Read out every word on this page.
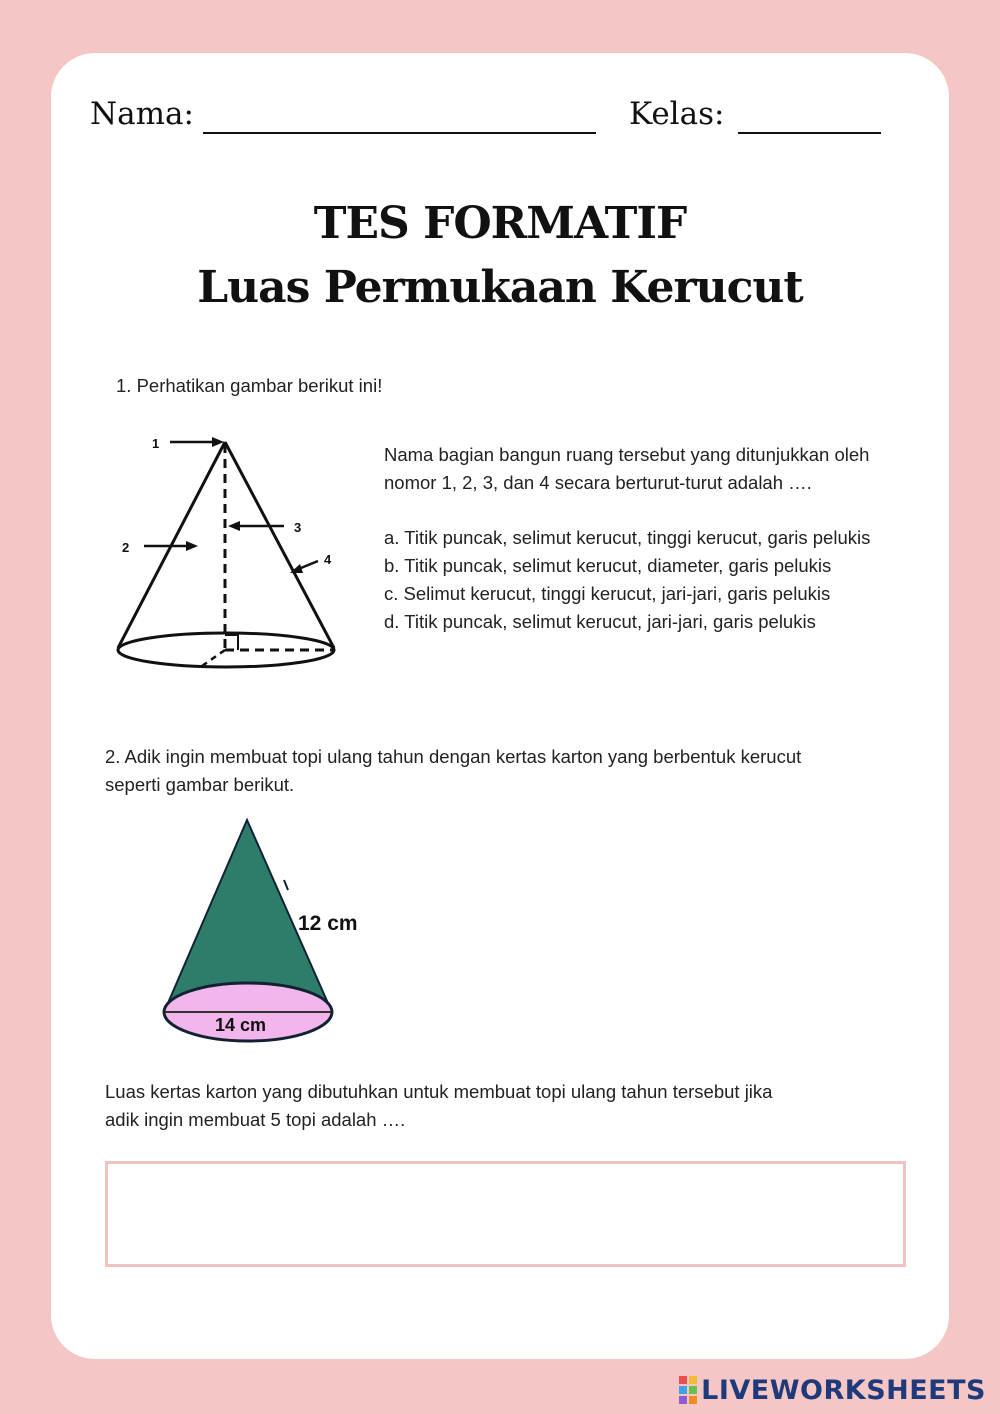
Nama:	Kelas:
TES FORMATIF
Luas Permukaan Kerucut
1. Perhatikan gambar berikut ini!
1
2
3
4
Nama bagian bangun ruang tersebut yang ditunjukkan oleh
nomor 1, 2, 3, dan 4 secara berturut-turut adalah ….
a. Titik puncak, selimut kerucut, tinggi kerucut, garis pelukis
b. Titik puncak, selimut kerucut, diameter, garis pelukis
c. Selimut kerucut, tinggi kerucut, jari-jari, garis pelukis
d. Titik puncak, selimut kerucut, jari-jari, garis pelukis
2. Adik ingin membuat topi ulang tahun dengan kertas karton yang berbentuk kerucut
seperti gambar berikut.
12 cm
14 cm
Luas kertas karton yang dibutuhkan untuk membuat topi ulang tahun tersebut jika
adik ingin membuat 5 topi adalah ….
LIVEWORKSHEETS
